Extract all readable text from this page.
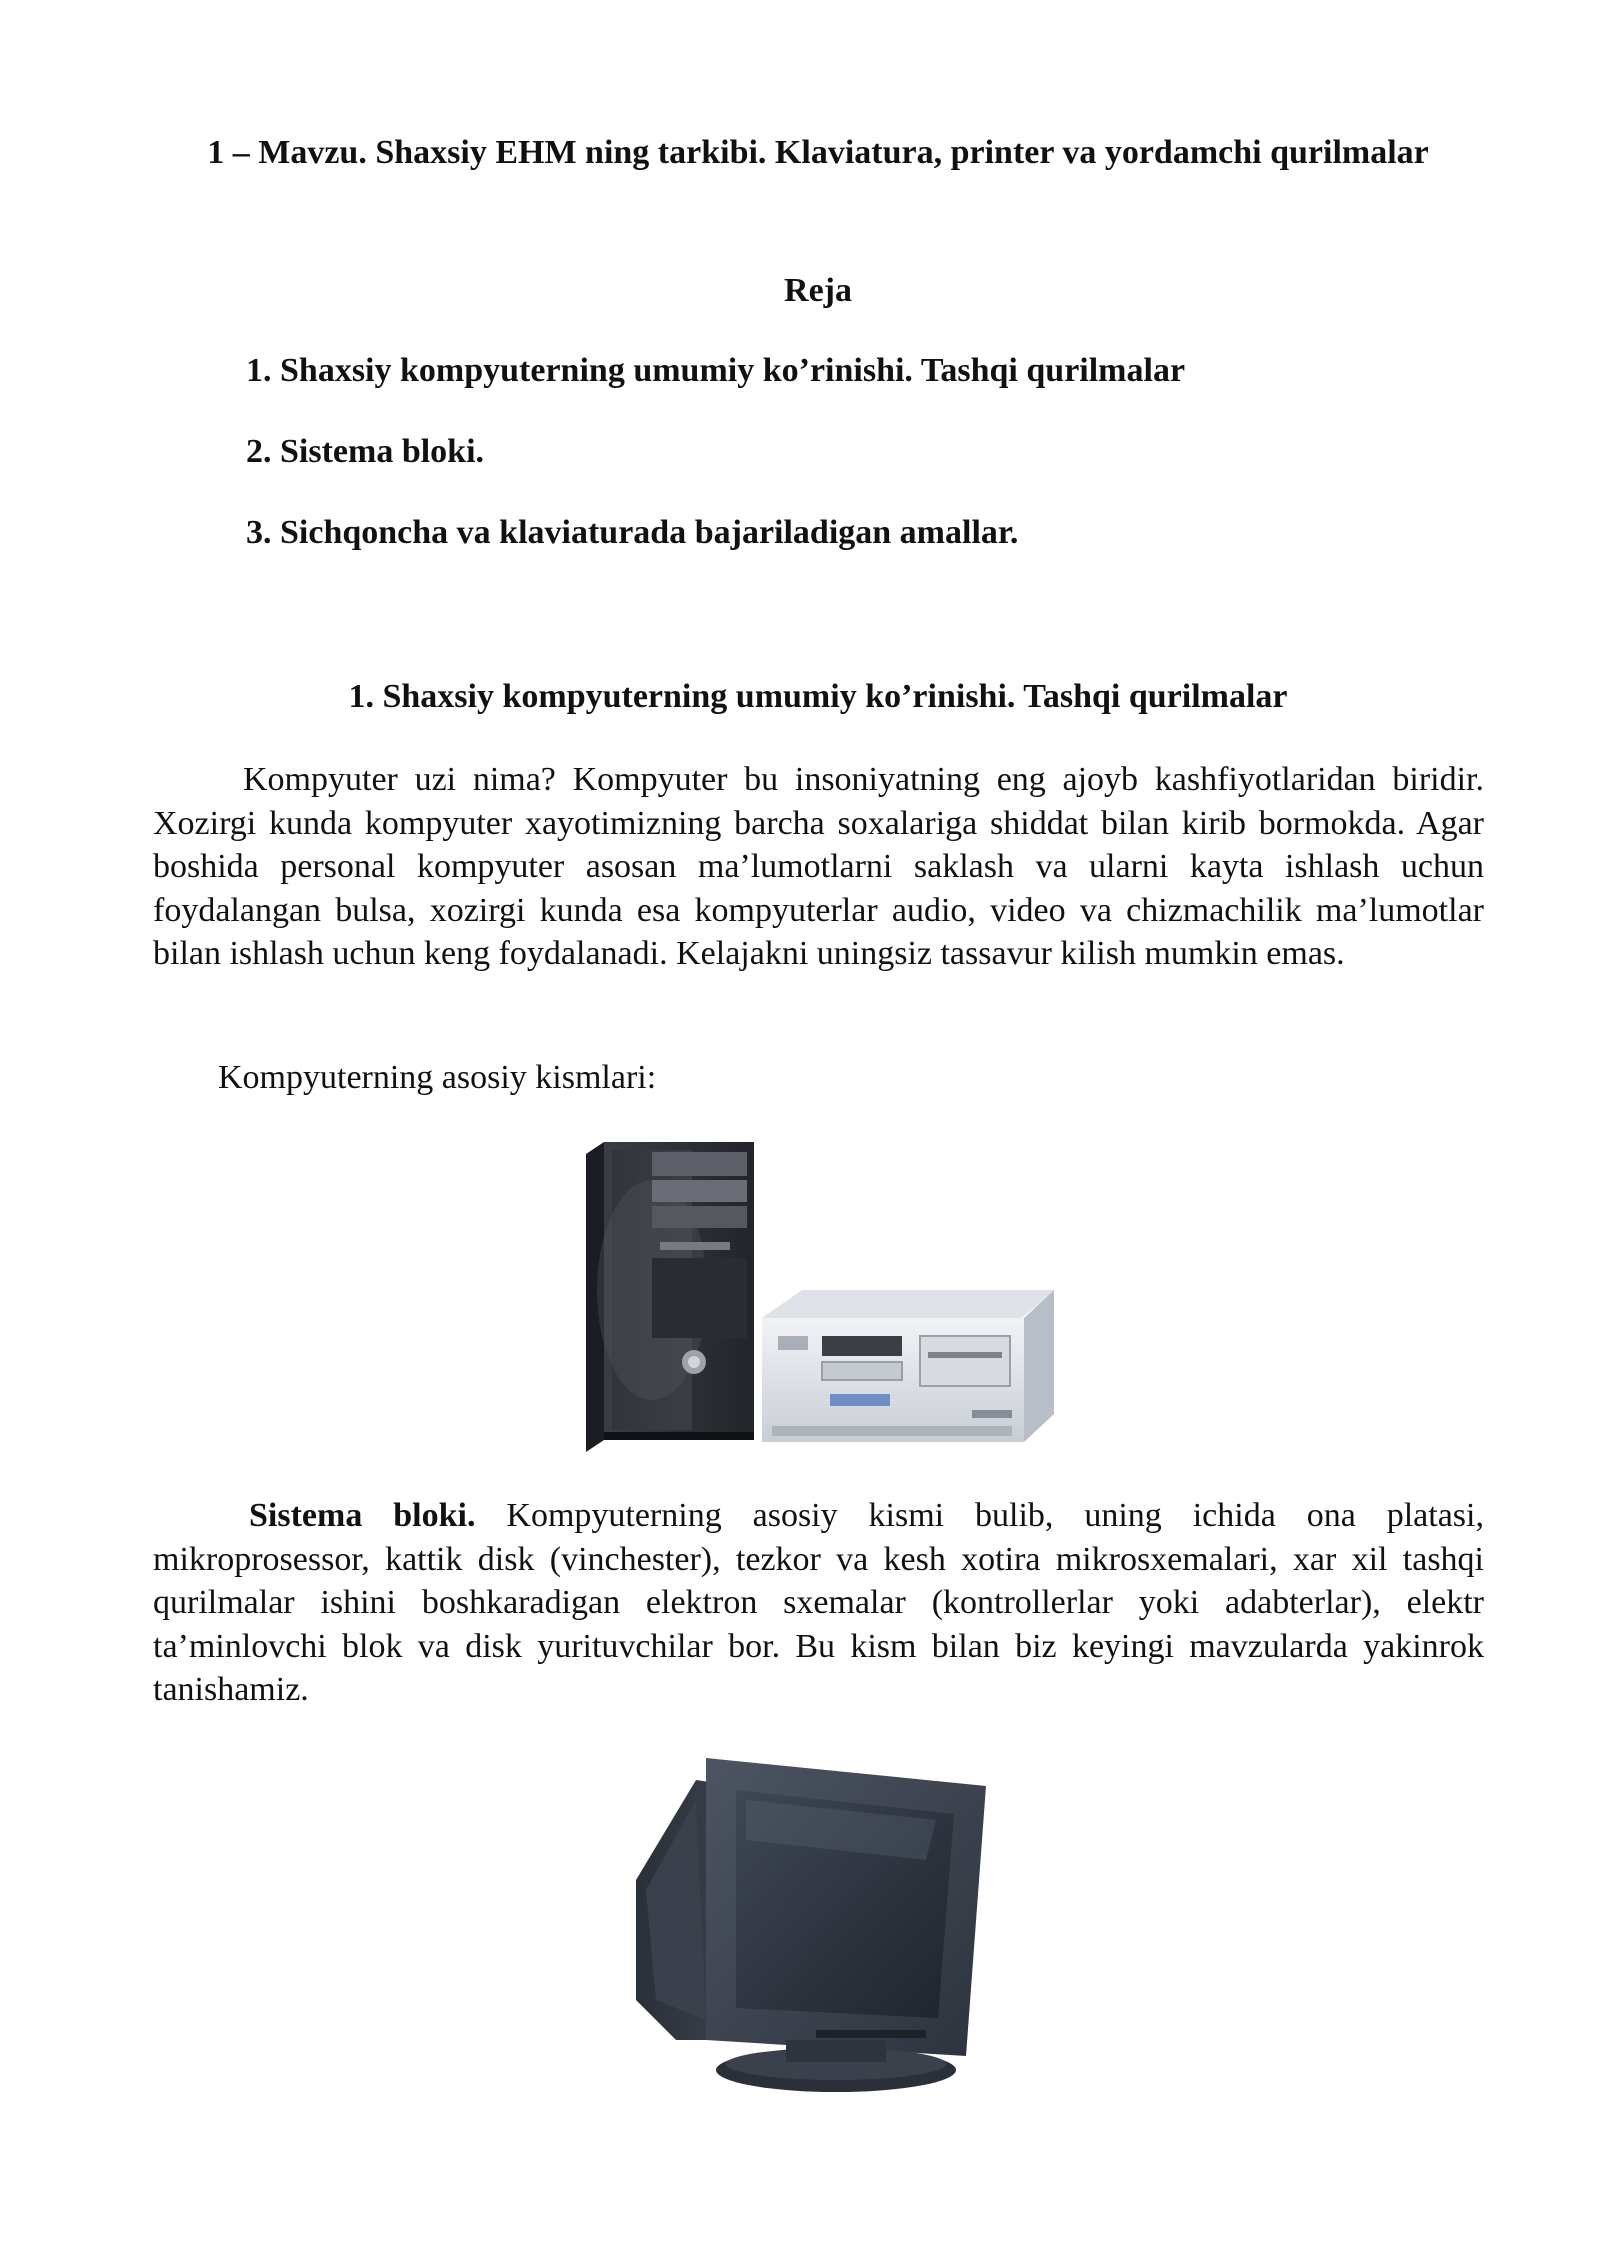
1 – Mavzu. Shaxsiy EHM ning tarkibi. Klaviatura, printer va yordamchi qurilmalar
Reja
1. Shaxsiy kompyuterning umumiy ko’rinishi. Tashqi qurilmalar
2. Sistema bloki.
3. Sichqoncha va klaviaturada bajariladigan amallar.
1. Shaxsiy kompyuterning umumiy ko’rinishi. Tashqi qurilmalar

Kompyuter uzi nima? Kompyuter bu insoniyatning eng ajoyb kashfiyotlaridan biridir. Xozirgi kunda kompyuter xayotimizning barcha soxalariga shiddat bilan kirib bormokda. Agar boshida personal kompyuter asosan ma’lumotlarni saklash va ularni kayta ishlash uchun foydalangan bulsa, xozirgi kunda esa kompyuterlar audio, video va chizmachilik ma’lumotlar bilan ishlash uchun keng foydalanadi. Kelajakni uningsiz tassavur kilish mumkin emas.

Kompyuterning asosiy kismlari:

Sistema bloki. Kompyuterning asosiy kismi bulib, uning ichida ona platasi, mikroprosessor, kattik disk (vinchester), tezkor va kesh xotira mikrosxemalari, xar xil tashqi qurilmalar ishini boshkaradigan elektron sxemalar (kontrollerlar yoki adabterlar), elektr ta’minlovchi blok va disk yurituvchilar bor. Bu kism bilan biz keyingi mavzularda yakinrok tanishamiz.
